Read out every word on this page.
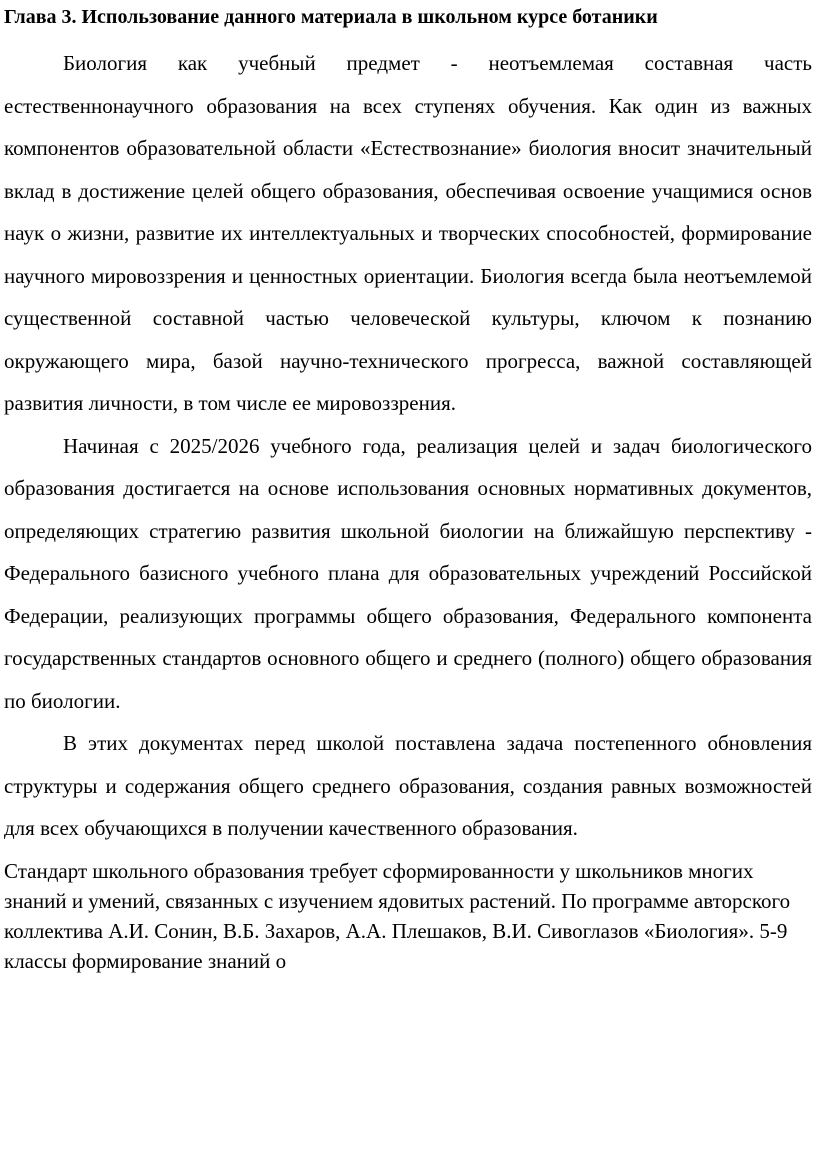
Глава 3. Использование данного материала в школьном курсе ботаники

Биология как учебный предмет - неотъемлемая составная часть естественнонаучного образования на всех ступенях обучения. Как один из важных компонентов образовательной области «Естествознание» биология вносит значительный вклад в достижение целей общего образования, обеспечивая освоение учащимися основ наук о жизни, развитие их интеллектуальных и творческих способностей, формирование научного мировоззрения и ценностных ориентации. Биология всегда была неотъемлемой существенной составной частью человеческой культуры, ключом к познанию окружающего мира, базой научно-технического прогресса, важной составляющей развития личности, в том числе ее мировоззрения.

Начиная с 2025/2026 учебного года, реализация целей и задач биологического образования достигается на основе использования основных нормативных документов, определяющих стратегию развития школьной биологии на ближайшую перспективу - Федерального базисного учебного плана для образовательных учреждений Российской Федерации, реализующих программы общего образования, Федерального компонента государственных стандартов основного общего и среднего (полного) общего образования по биологии.

В этих документах перед школой поставлена задача постепенного обновления структуры и содержания общего среднего образования, создания равных возможностей для всех обучающихся в получении качественного образования.

Стандарт школьного образования требует сформированности у школьников многих знаний и умений, связанных с изучением ядовитых растений. По программе авторского коллектива А.И. Сонин, В.Б. Захаров, А.А. Плешаков, В.И. Сивоглазов «Биология». 5-9 классы формирование знаний о
